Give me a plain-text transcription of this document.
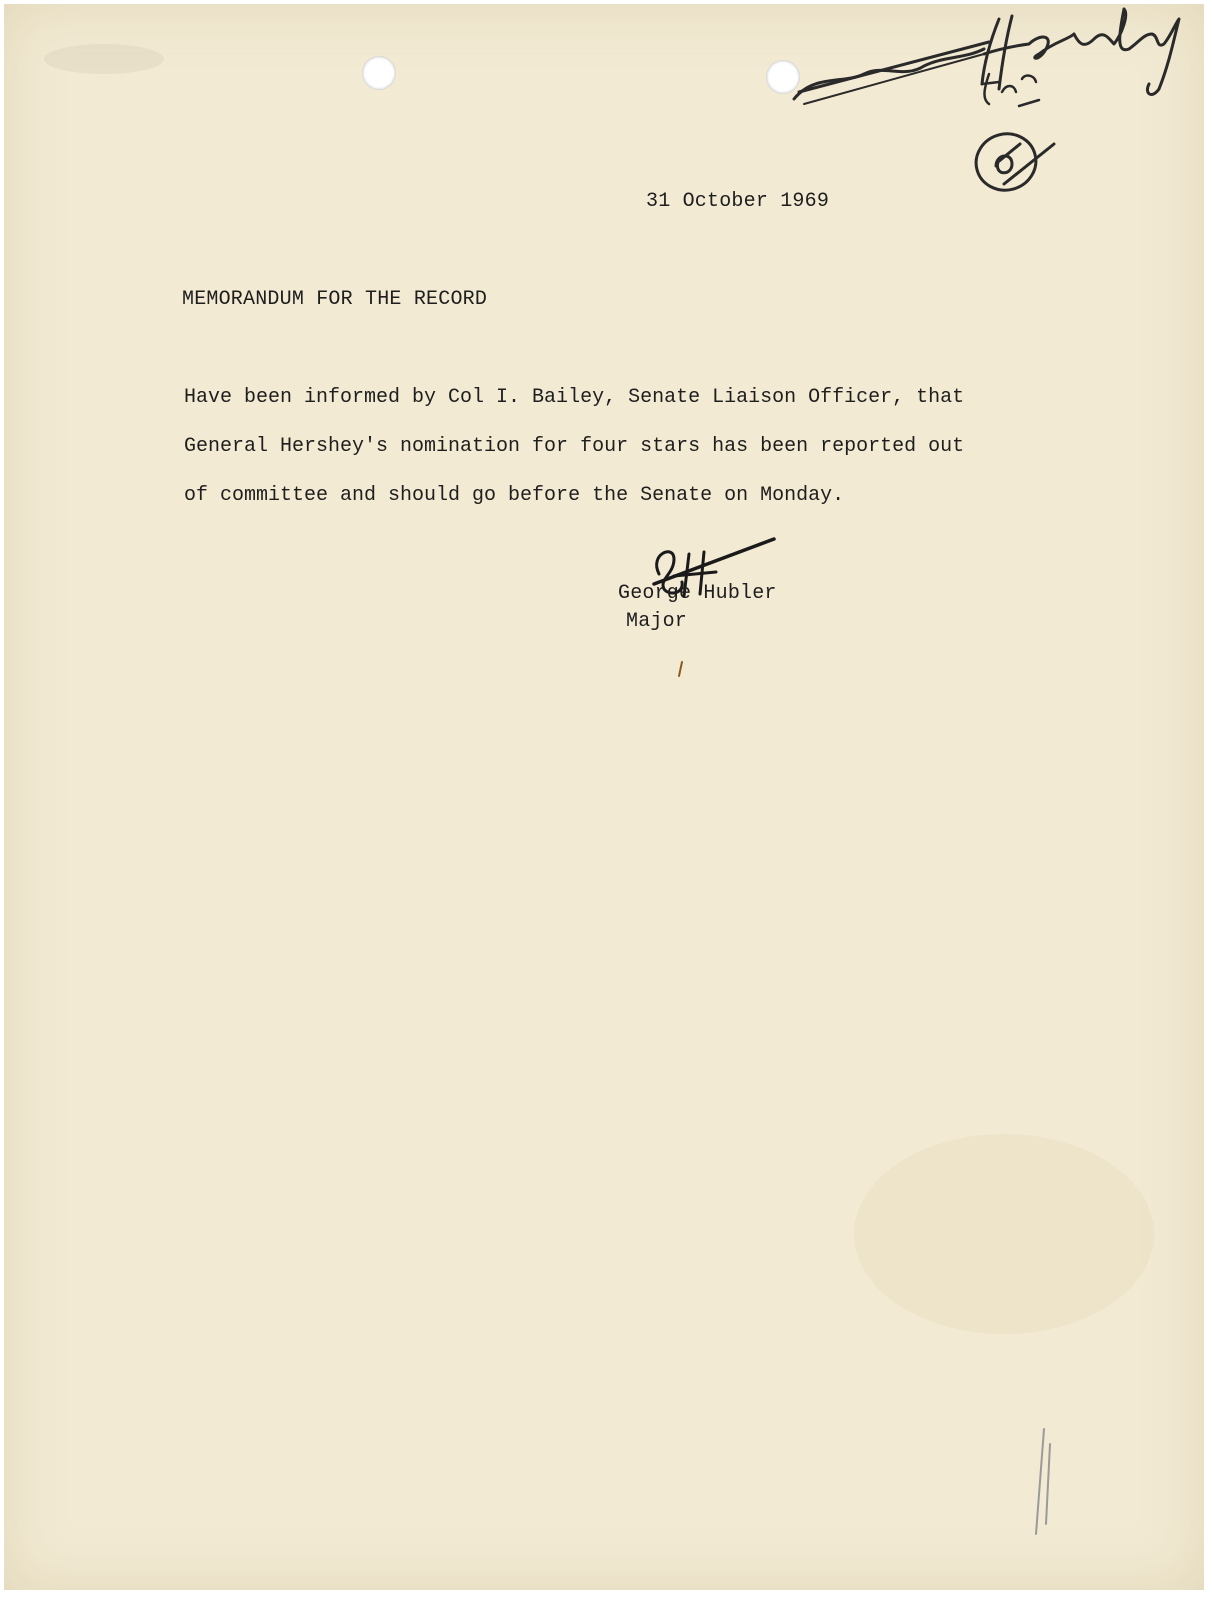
31 October 1969
MEMORANDUM FOR THE RECORD
Have been informed by Col I. Bailey, Senate Liaison Officer, that
General Hershey's nomination for four stars has been reported out
of committee and should go before the Senate on Monday.
George Hubler
Major
